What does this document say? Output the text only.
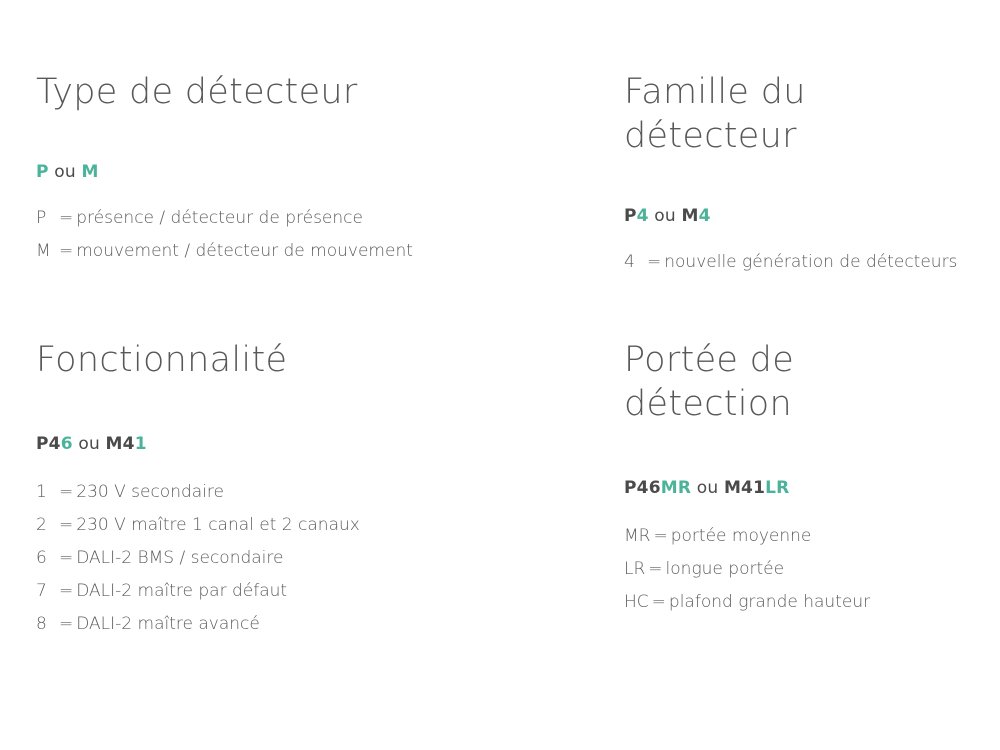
Type de détecteur
P ou M
P = présence / détecteur de présence
M = mouvement / détecteur de mouvement
Famille du détecteur
P4 ou M4
4 = nouvelle génération de détecteurs
Fonctionnalité
P46 ou M41
1 = 230 V secondaire
2 = 230 V maître 1 canal et 2 canaux
6 = DALI-2 BMS / secondaire
7 = DALI-2 maître par défaut
8 = DALI-2 maître avancé
Portée de détection
P46MR ou M41LR
MR = portée moyenne
LR = longue portée
HC = plafond grande hauteur
